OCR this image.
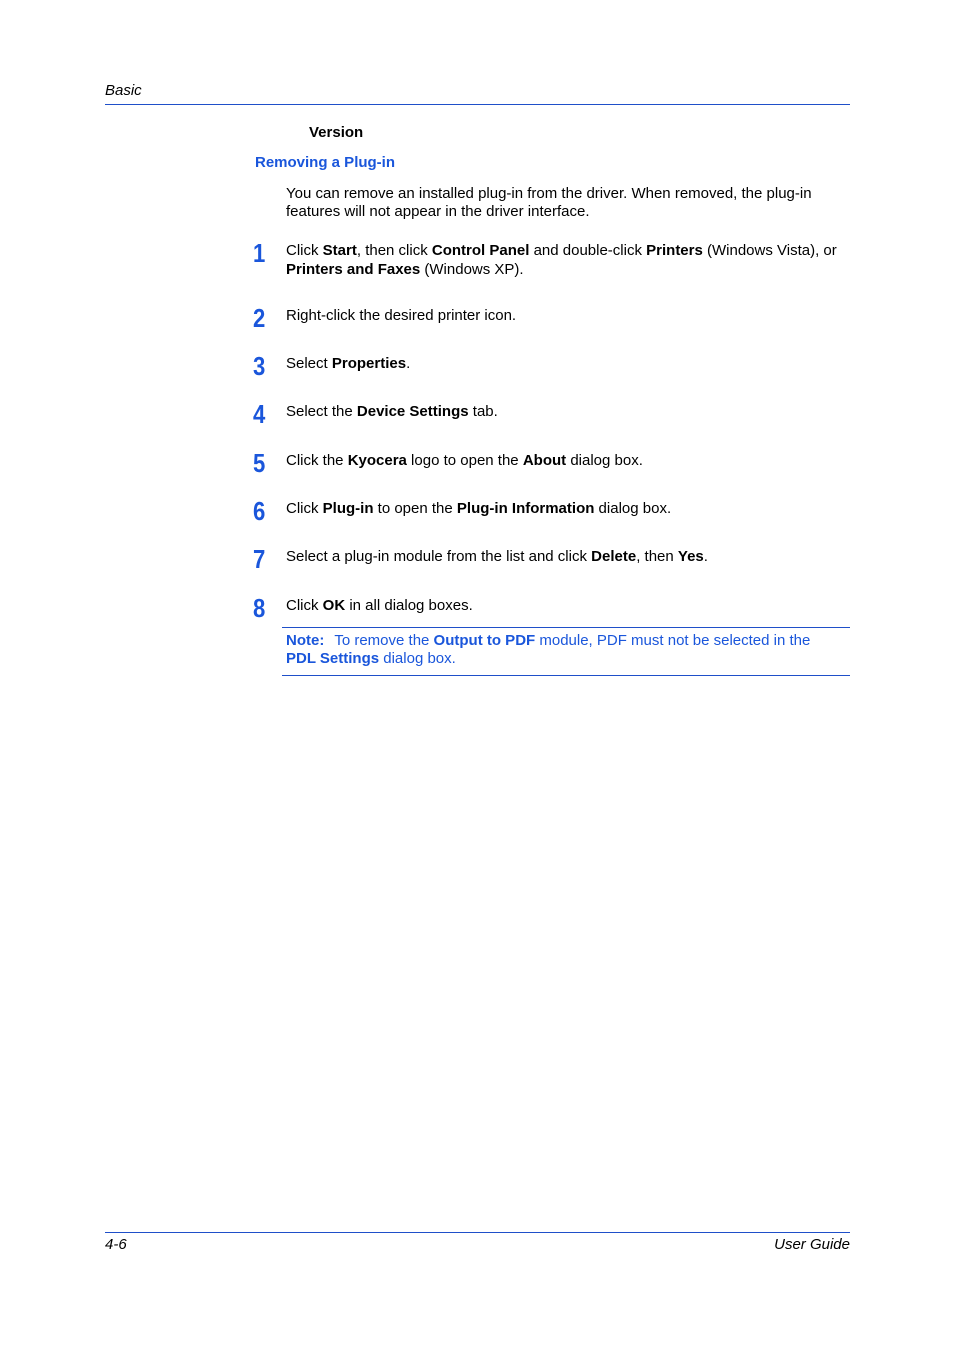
Basic
Version
Removing a Plug-in
You can remove an installed plug-in from the driver. When removed, the plug-in features will not appear in the driver interface.
1	Click Start, then click Control Panel and double-click Printers (Windows Vista), or Printers and Faxes (Windows XP).
2	Right-click the desired printer icon.
3	Select Properties.
4	Select the Device Settings tab.
5	Click the Kyocera logo to open the About dialog box.
6	Click Plug-in to open the Plug-in Information dialog box.
7	Select a plug-in module from the list and click Delete, then Yes.
8	Click OK in all dialog boxes.
Note: To remove the Output to PDF module, PDF must not be selected in the PDL Settings dialog box.
4-6	User Guide
